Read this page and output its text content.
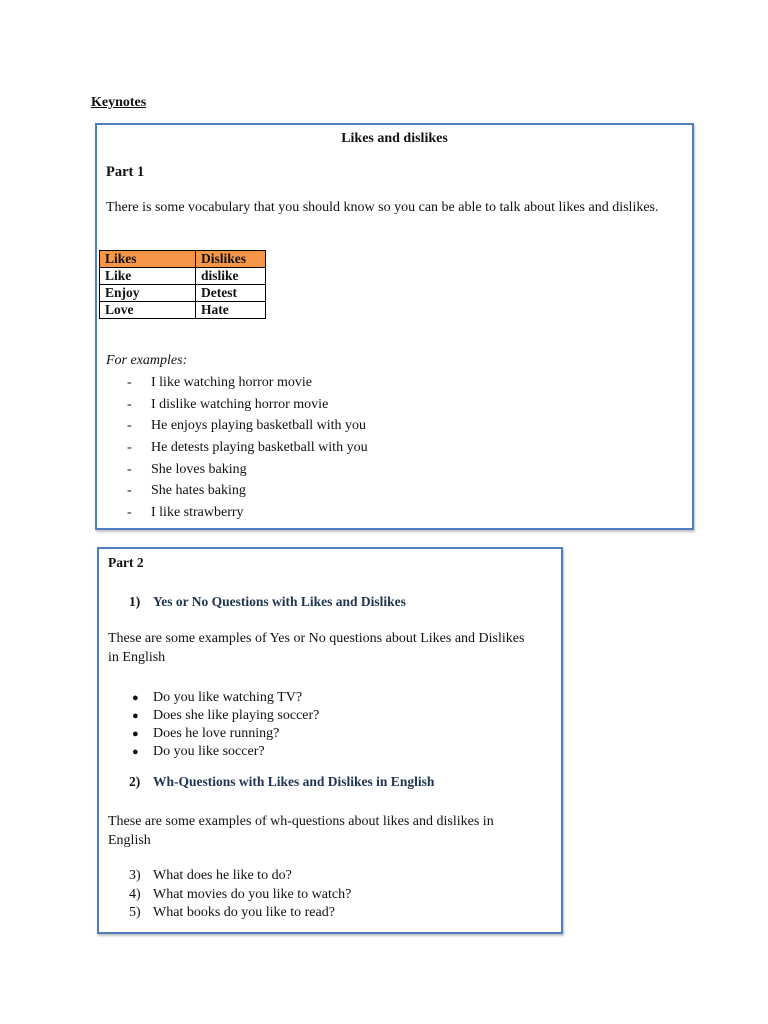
Keynotes
Likes and dislikes
Part 1
There is some vocabulary that you should know so you can be able to talk about likes and dislikes.
Likes	Dislikes
Like	dislike
Enjoy	Detest
Love	Hate
For examples:
- I like watching horror movie
- I dislike watching horror movie
- He enjoys playing basketball with you
- He detests playing basketball with you
- She loves baking
- She hates baking
- I like strawberry
Part 2
1) Yes or No Questions with Likes and Dislikes
These are some examples of Yes or No questions about Likes and Dislikes in English
● Do you like watching TV?
● Does she like playing soccer?
● Does he love running?
● Do you like soccer?
2) Wh-Questions with Likes and Dislikes in English
These are some examples of wh-questions about likes and dislikes in English
3) What does he like to do?
4) What movies do you like to watch?
5) What books do you like to read?
